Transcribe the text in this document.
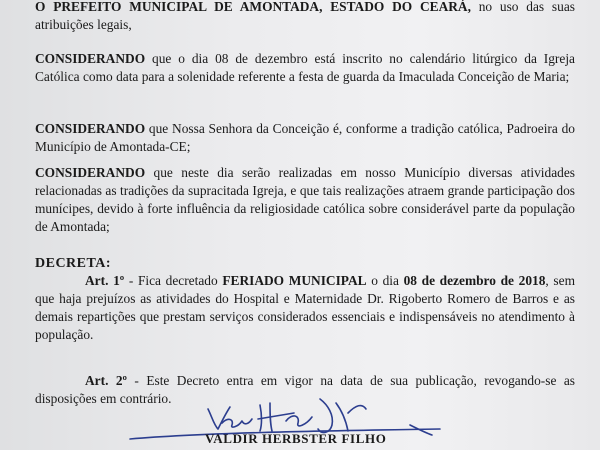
O PREFEITO MUNICIPAL DE AMONTADA, ESTADO DO CEARÁ, no uso das suas atribuições legais,

CONSIDERANDO que o dia 08 de dezembro está inscrito no calendário litúrgico da Igreja Católica como data para a solenidade referente a festa de guarda da Imaculada Conceição de Maria;

CONSIDERANDO que Nossa Senhora da Conceição é, conforme a tradição católica, Padroeira do Município de Amontada-CE;

CONSIDERANDO que neste dia serão realizadas em nosso Município diversas atividades relacionadas as tradições da supracitada Igreja, e que tais realizações atraem grande participação dos munícipes, devido à forte influência da religiosidade católica sobre considerável parte da população de Amontada;

DECRETA:

Art. 1º - Fica decretado FERIADO MUNICIPAL o dia 08 de dezembro de 2018, sem que haja prejuízos as atividades do Hospital e Maternidade Dr. Rigoberto Romero de Barros e as demais repartições que prestam serviços considerados essenciais e indispensáveis no atendimento à população.

Art. 2º - Este Decreto entra em vigor na data de sua publicação, revogando-se as disposições em contrário.

VALDIR HERBSTER FILHO
